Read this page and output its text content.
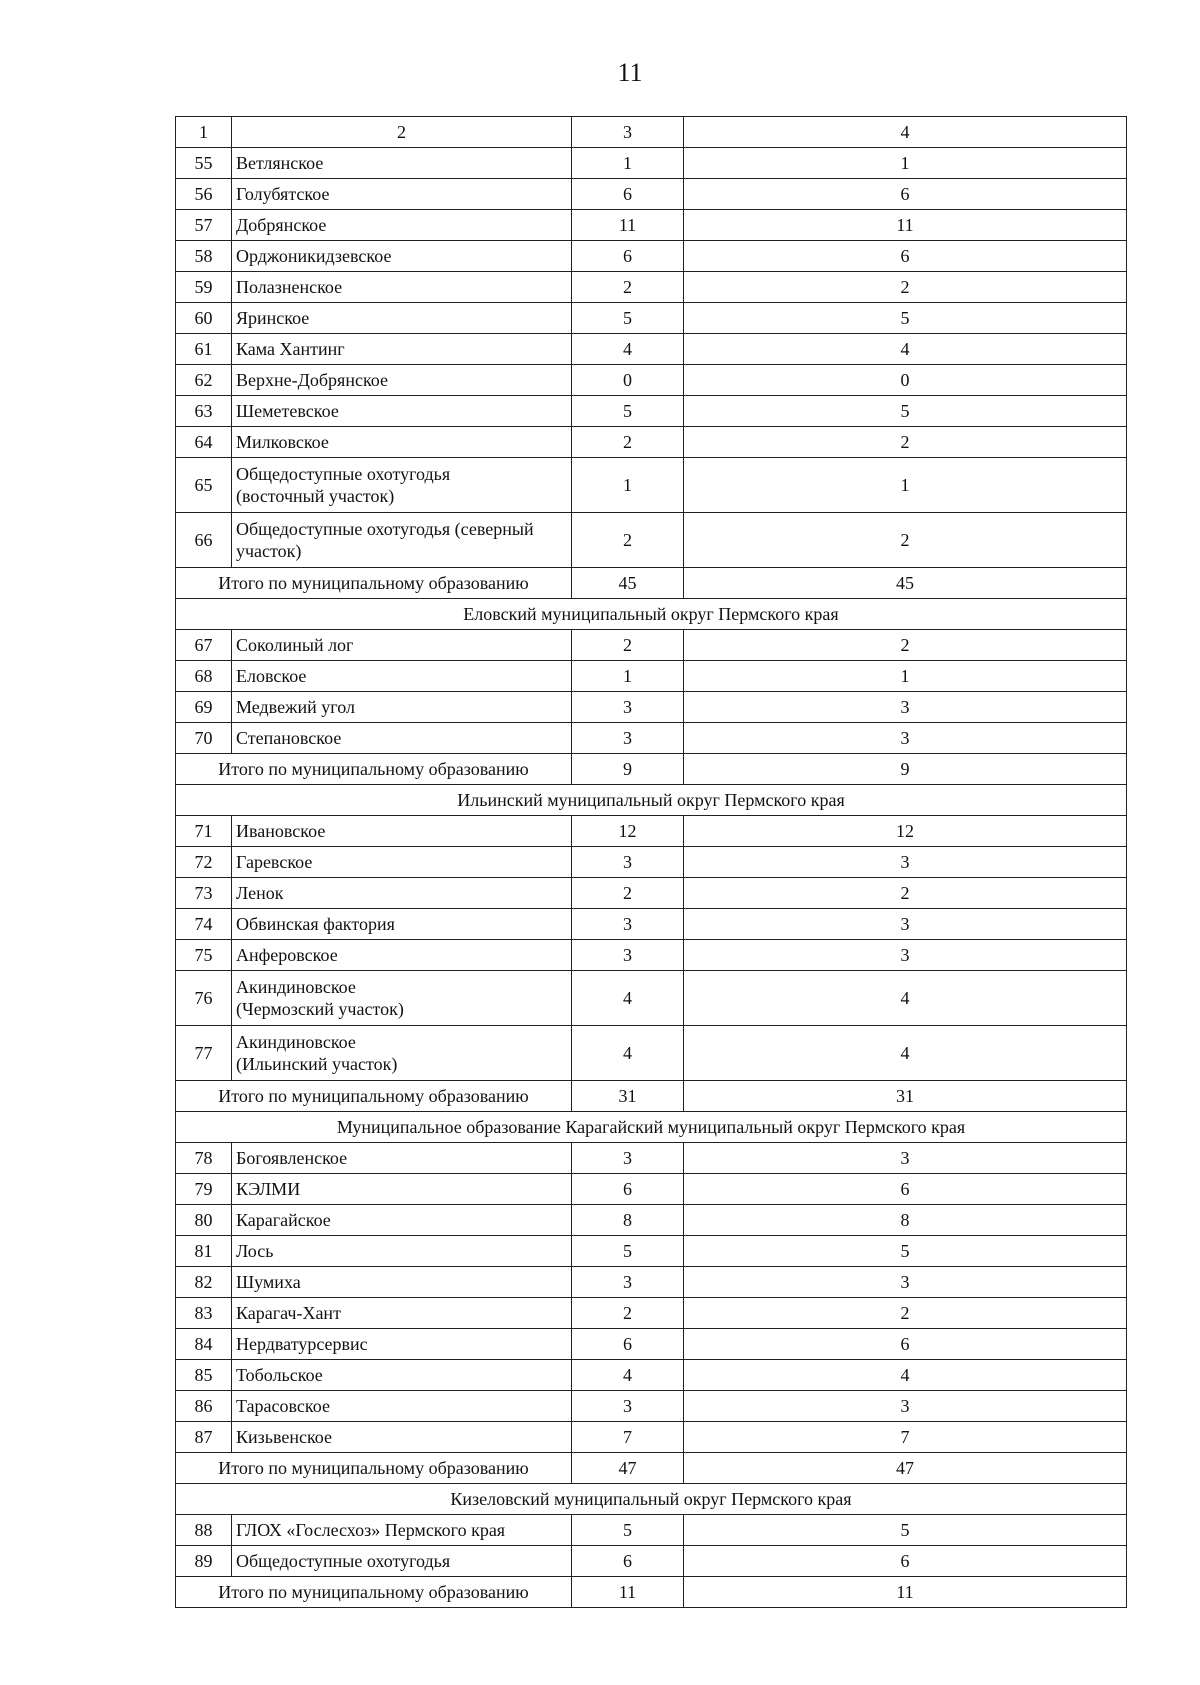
11
1	2	3	4
55	Ветлянское	1	1
56	Голубятское	6	6
57	Добрянское	11	11
58	Орджоникидзевское	6	6
59	Полазненское	2	2
60	Яринское	5	5
61	Кама Хантинг	4	4
62	Верхне-Добрянское	0	0
63	Шеметевское	5	5
64	Милковское	2	2
65	Общедоступные охотугодья
(восточный участок)	1	1
66	Общедоступные охотугодья (северный
участок)	2	2
Итого по муниципальному образованию		45	45
Еловский муниципальный округ Пермского края			
67	Соколиный лог	2	2
68	Еловское	1	1
69	Медвежий угол	3	3
70	Степановское	3	3
Итого по муниципальному образованию		9	9
Ильинский муниципальный округ Пермского края			
71	Ивановское	12	12
72	Гаревское	3	3
73	Ленок	2	2
74	Обвинская фактория	3	3
75	Анферовское	3	3
76	Акиндиновское
(Чермозский участок)	4	4
77	Акиндиновское
(Ильинский участок)	4	4
Итого по муниципальному образованию		31	31
Муниципальное образование Карагайский муниципальный округ Пермского края			
78	Богоявленское	3	3
79	КЭЛМИ	6	6
80	Карагайское	8	8
81	Лось	5	5
82	Шумиха	3	3
83	Карагач-Хант	2	2
84	Нердватурсервис	6	6
85	Тобольское	4	4
86	Тарасовское	3	3
87	Кизьвенское	7	7
Итого по муниципальному образованию		47	47
Кизеловский муниципальный округ Пермского края			
88	ГЛОХ «Гослесхоз» Пермского края	5	5
89	Общедоступные охотугодья	6	6
Итого по муниципальному образованию		11	11
